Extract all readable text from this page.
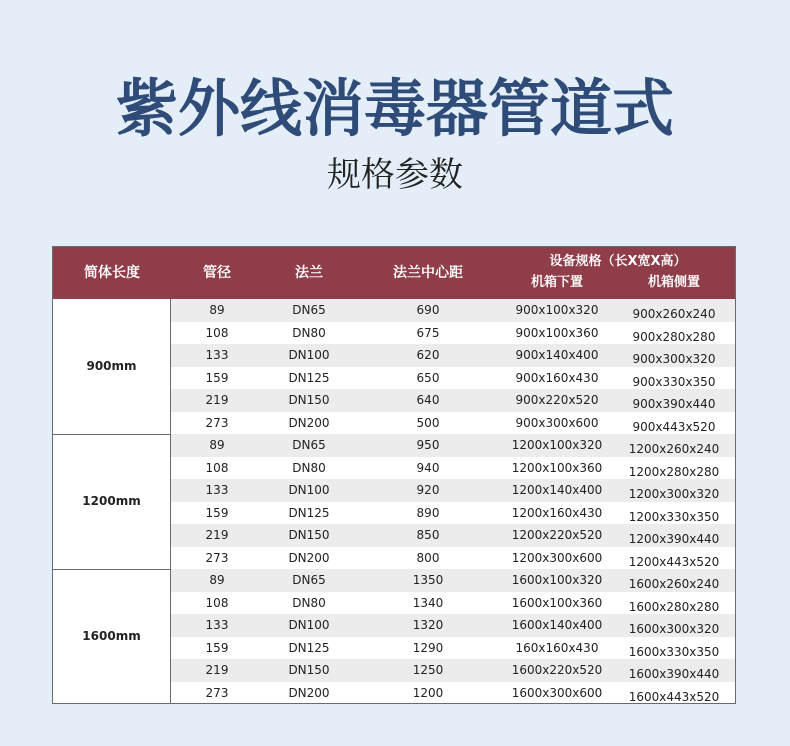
紫外线消毒器管道式
规格参数
简体长度	管径	法兰	法兰中心距
设备规格（长X宽X高）
机箱下置	机箱侧置
900mm
89	DN65	690	900x100x320	900x260x240
108	DN80	675	900x100x360	900x280x280
133	DN100	620	900x140x400	900x300x320
159	DN125	650	900x160x430	900x330x350
219	DN150	640	900x220x520	900x390x440
273	DN200	500	900x300x600	900x443x520
1200mm
89	DN65	950	1200x100x320	1200x260x240
108	DN80	940	1200x100x360	1200x280x280
133	DN100	920	1200x140x400	1200x300x320
159	DN125	890	1200x160x430	1200x330x350
219	DN150	850	1200x220x520	1200x390x440
273	DN200	800	1200x300x600	1200x443x520
1600mm
89	DN65	1350	1600x100x320	1600x260x240
108	DN80	1340	1600x100x360	1600x280x280
133	DN100	1320	1600x140x400	1600x300x320
159	DN125	1290	160x160x430	1600x330x350
219	DN150	1250	1600x220x520	1600x390x440
273	DN200	1200	1600x300x600	1600x443x520
